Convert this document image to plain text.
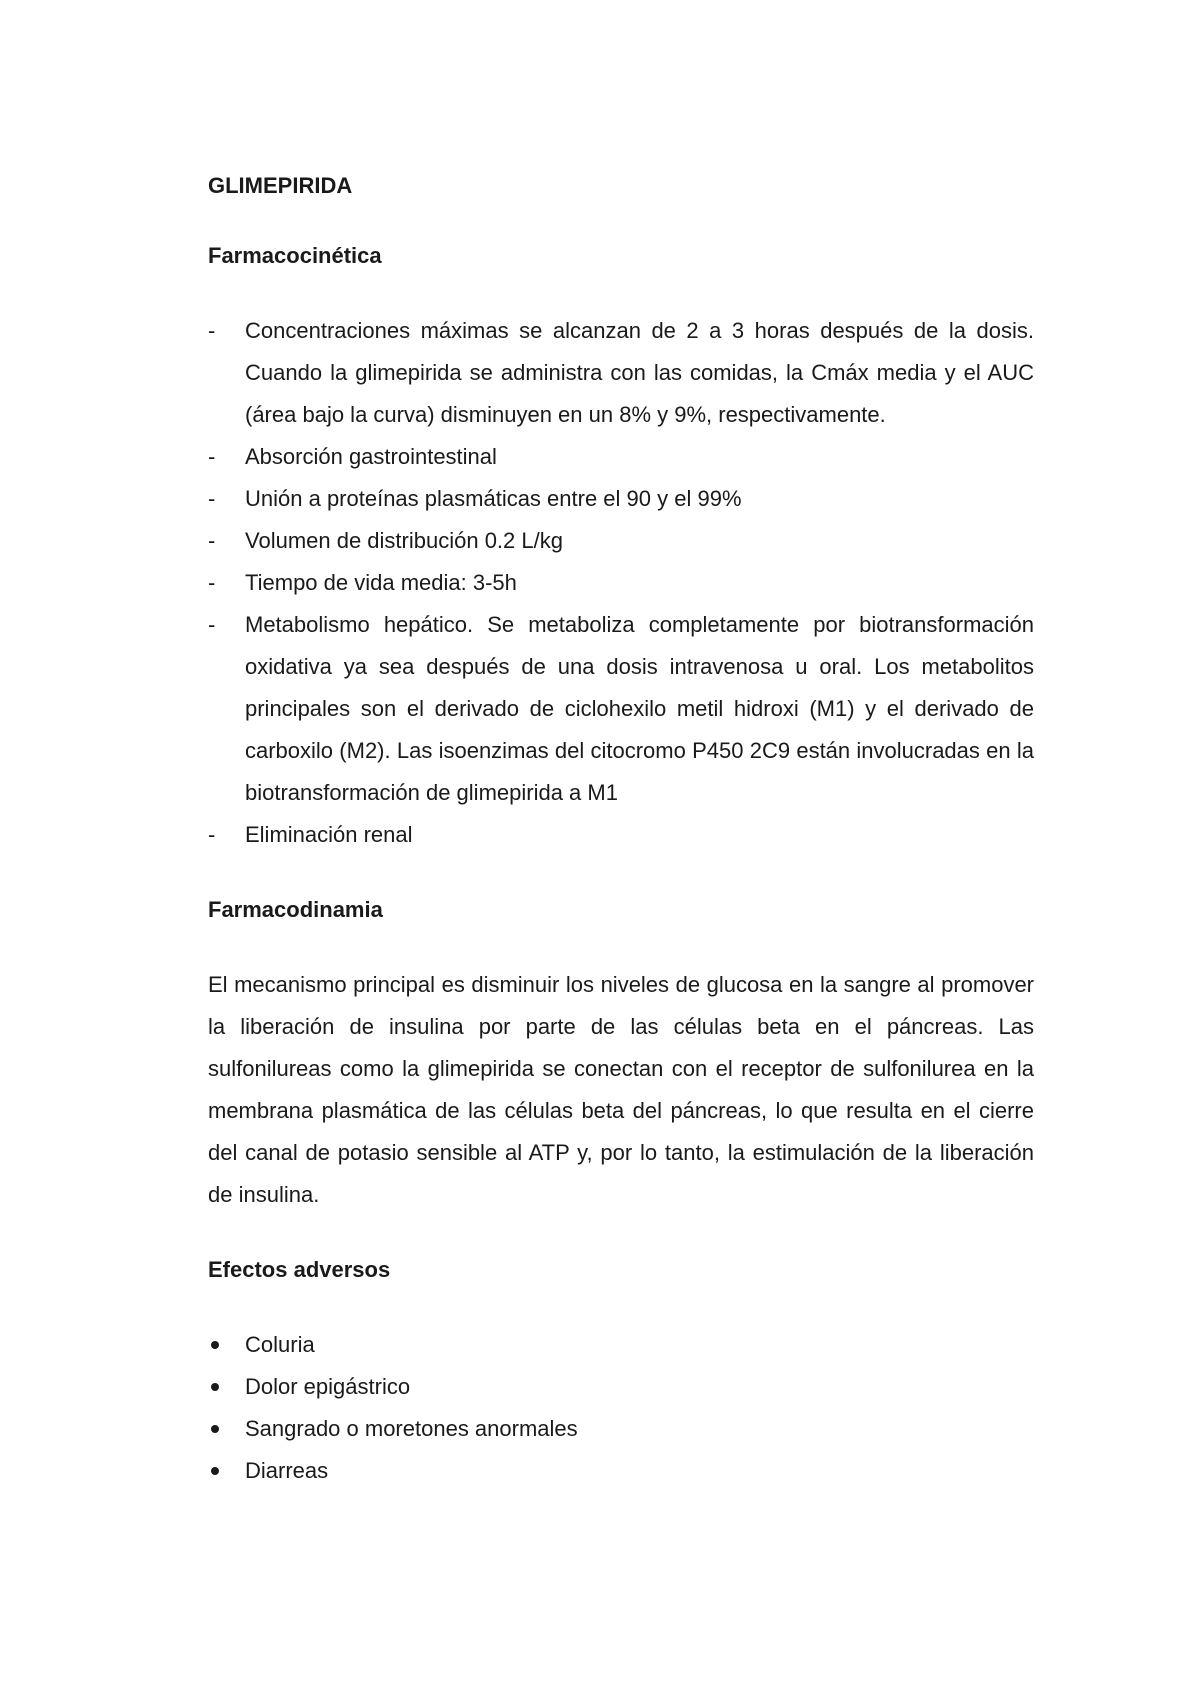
GLIMEPIRIDA
Farmacocinética
- Concentraciones máximas se alcanzan de 2 a 3 horas después de la dosis. Cuando la glimepirida se administra con las comidas, la Cmáx media y el AUC (área bajo la curva) disminuyen en un 8% y 9%, respectivamente.
- Absorción gastrointestinal
- Unión a proteínas plasmáticas entre el 90 y el 99%
- Volumen de distribución 0.2 L/kg
- Tiempo de vida media: 3-5h
- Metabolismo hepático. Se metaboliza completamente por biotransformación oxidativa ya sea después de una dosis intravenosa u oral. Los metabolitos principales son el derivado de ciclohexilo metil hidroxi (M1) y el derivado de carboxilo (M2). Las isoenzimas del citocromo P450 2C9 están involucradas en la biotransformación de glimepirida a M1
- Eliminación renal
Farmacodinamia

El mecanismo principal es disminuir los niveles de glucosa en la sangre al promover la liberación de insulina por parte de las células beta en el páncreas. Las sulfonilureas como la glimepirida se conectan con el receptor de sulfonilurea en la membrana plasmática de las células beta del páncreas, lo que resulta en el cierre del canal de potasio sensible al ATP y, por lo tanto, la estimulación de la liberación de insulina.

Efectos adversos
Coluria
Dolor epigástrico
Sangrado o moretones anormales
Diarreas
